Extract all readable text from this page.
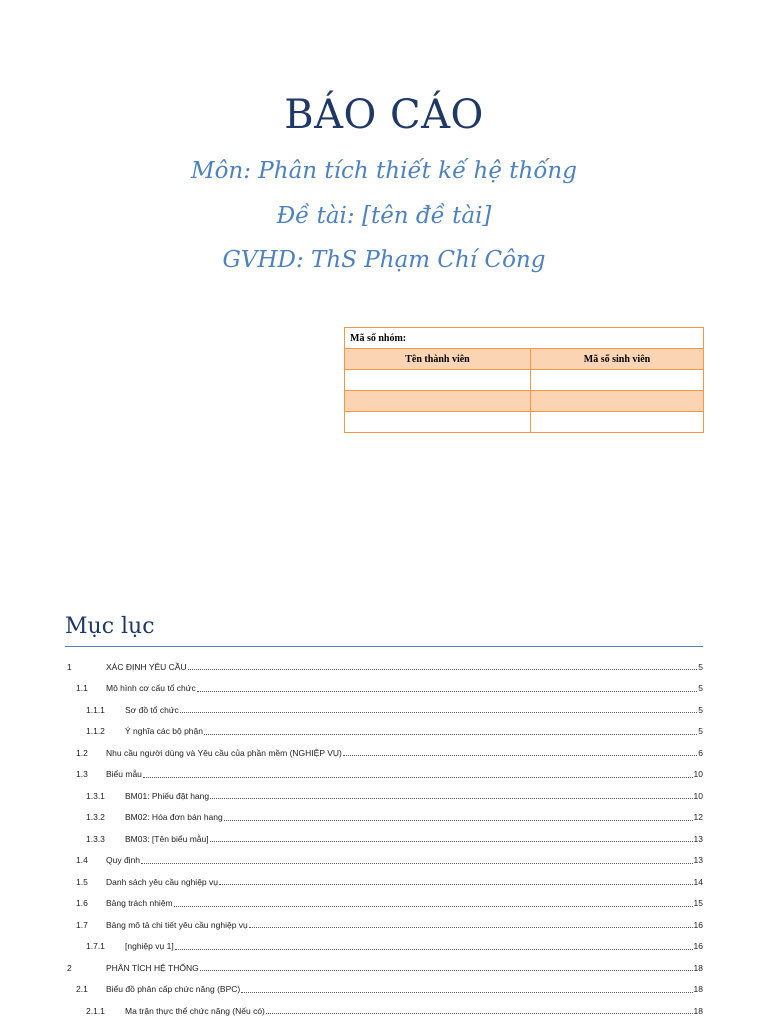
BÁO CÁO
Môn: Phân tích thiết kế hệ thống
Đề tài: [tên đề tài]
GVHD: ThS Phạm Chí Công
Mã số nhóm:	
Tên thành viên	Mã số sinh viên

Mục lục
1	XÁC ĐỊNH YÊU CẦU	5
1.1	Mô hình cơ cấu tổ chức	5
1.1.1	Sơ đồ tổ chức	5
1.1.2	Ý nghĩa các bộ phận	5
1.2	Nhu cầu người dùng và Yêu cầu của phần mềm (NGHIỆP VỤ)	6
1.3	Biểu mẫu	10
1.3.1	BM01: Phiếu đặt hang	10
1.3.2	BM02: Hóa đơn bán hang	12
1.3.3	BM03: [Tên biểu mẫu]	13
1.4	Quy định	13
1.5	Danh sách yêu cầu nghiệp vụ	14
1.6	Bảng trách nhiệm	15
1.7	Bảng mô tả chi tiết yêu cầu nghiệp vụ	16
1.7.1	[nghiệp vụ 1]	16
2	PHÂN TÍCH HỆ THỐNG	18
2.1	Biểu đồ phân cấp chức năng (BPC)	18
2.1.1	Ma trận thực thể chức năng (Nếu có)	18
